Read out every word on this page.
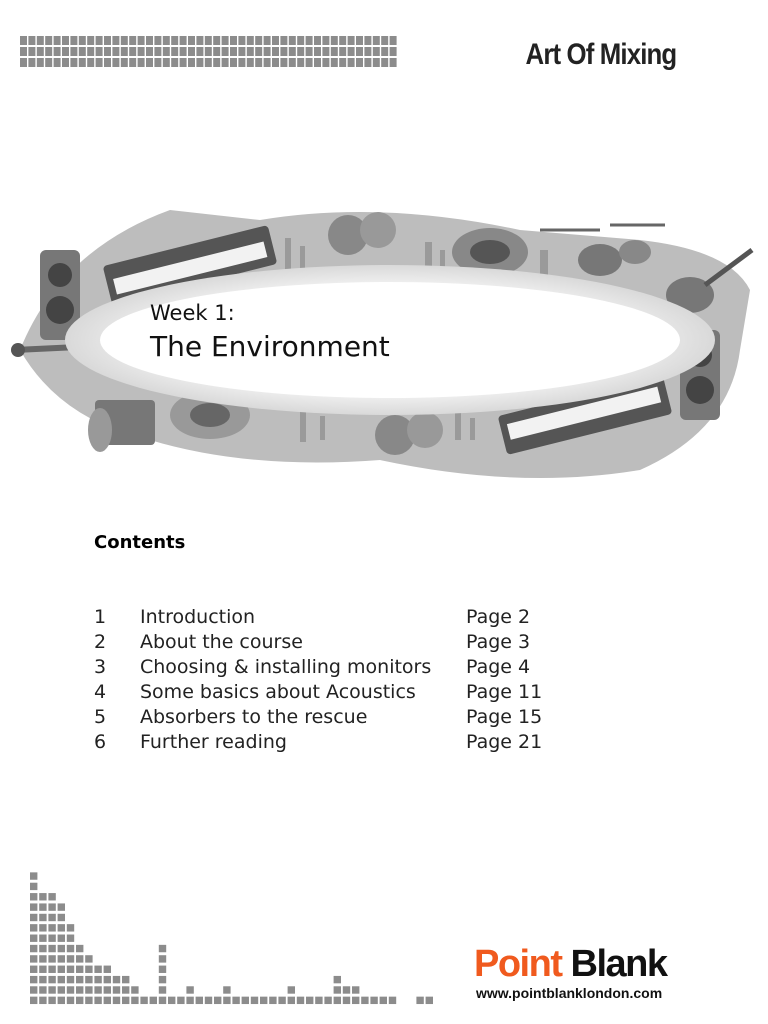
Art Of Mixing
Week 1:
The Environment
Contents
1 Introduction	Page 2
2 About the course	Page 3
3 Choosing & installing monitors Page 4
4 Some basics about Acoustics	Page 11
5 Absorbers to the rescue	Page 15
6 Further reading	Page 21
Point Blank
www.pointblanklondon.com
